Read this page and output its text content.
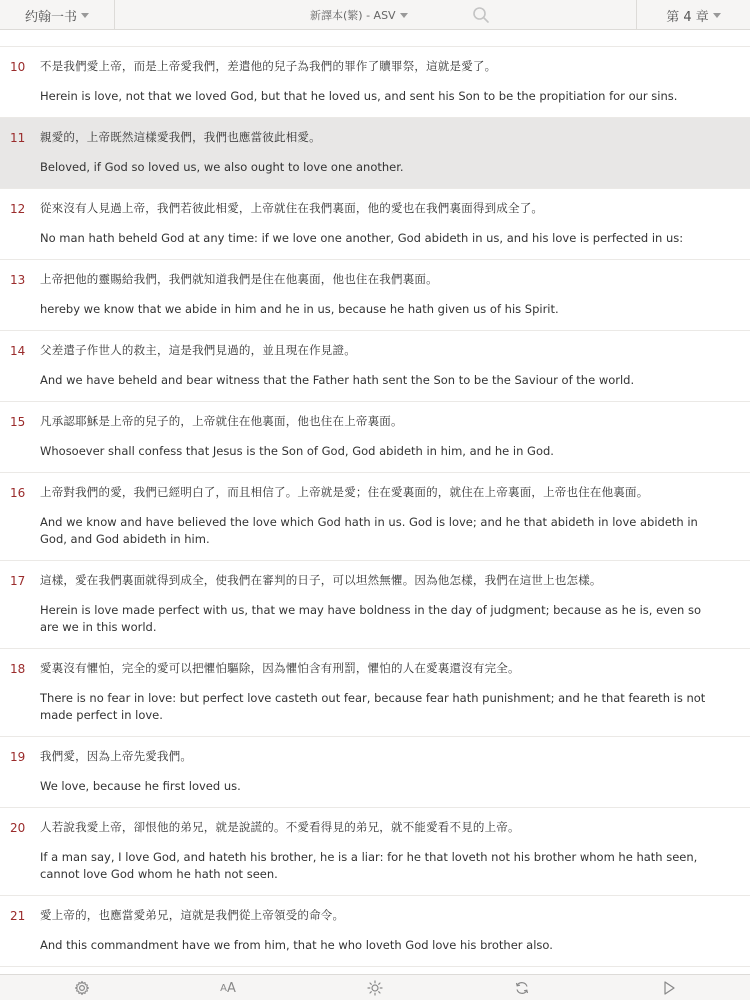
约翰一书	新譯本(繁) - ASV	第 4 章
10 不是我們愛上帝，而是上帝愛我們，差遣他的兒子為我們的罪作了贖罪祭，這就是愛了。

Herein is love, not that we loved God, but that he loved us, and sent his Son to be the propitiation for our sins.

11 親愛的，上帝既然這樣愛我們，我們也應當彼此相愛。

Beloved, if God so loved us, we also ought to love one another.

12 從來沒有人見過上帝，我們若彼此相愛，上帝就住在我們裏面，他的愛也在我們裏面得到成全了。

No man hath beheld God at any time: if we love one another, God abideth in us, and his love is perfected in us:

13 上帝把他的靈賜給我們，我們就知道我們是住在他裏面，他也住在我們裏面。

hereby we know that we abide in him and he in us, because he hath given us of his Spirit.

14 父差遣子作世人的救主，這是我們見過的，並且現在作見證。

And we have beheld and bear witness that the Father hath sent the Son to be the Saviour of the world.

15 凡承認耶穌是上帝的兒子的，上帝就住在他裏面，他也住在上帝裏面。

Whosoever shall confess that Jesus is the Son of God, God abideth in him, and he in God.

16 上帝對我們的愛，我們已經明白了，而且相信了。上帝就是愛；住在愛裏面的，就住在上帝裏面，上帝也住在他裏面。

And we know and have believed the love which God hath in us. God is love; and he that abideth in love abideth in God, and God abideth in him.

17 這樣，愛在我們裏面就得到成全，使我們在審判的日子，可以坦然無懼。因為他怎樣，我們在這世上也怎樣。

Herein is love made perfect with us, that we may have boldness in the day of judgment; because as he is, even so are we in this world.

18 愛裏沒有懼怕，完全的愛可以把懼怕驅除，因為懼怕含有刑罰，懼怕的人在愛裏還沒有完全。

There is no fear in love: but perfect love casteth out fear, because fear hath punishment; and he that feareth is not made perfect in love.

19 我們愛，因為上帝先愛我們。

We love, because he first loved us.

20 人若說我愛上帝，卻恨他的弟兄，就是說謊的。不愛看得見的弟兄，就不能愛看不見的上帝。

If a man say, I love God, and hateth his brother, he is a liar: for he that loveth not his brother whom he hath seen, cannot love God whom he hath not seen.

21 愛上帝的，也應當愛弟兄，這就是我們從上帝領受的命令。

And this commandment have we from him, that he who loveth God love his brother also.

A A
